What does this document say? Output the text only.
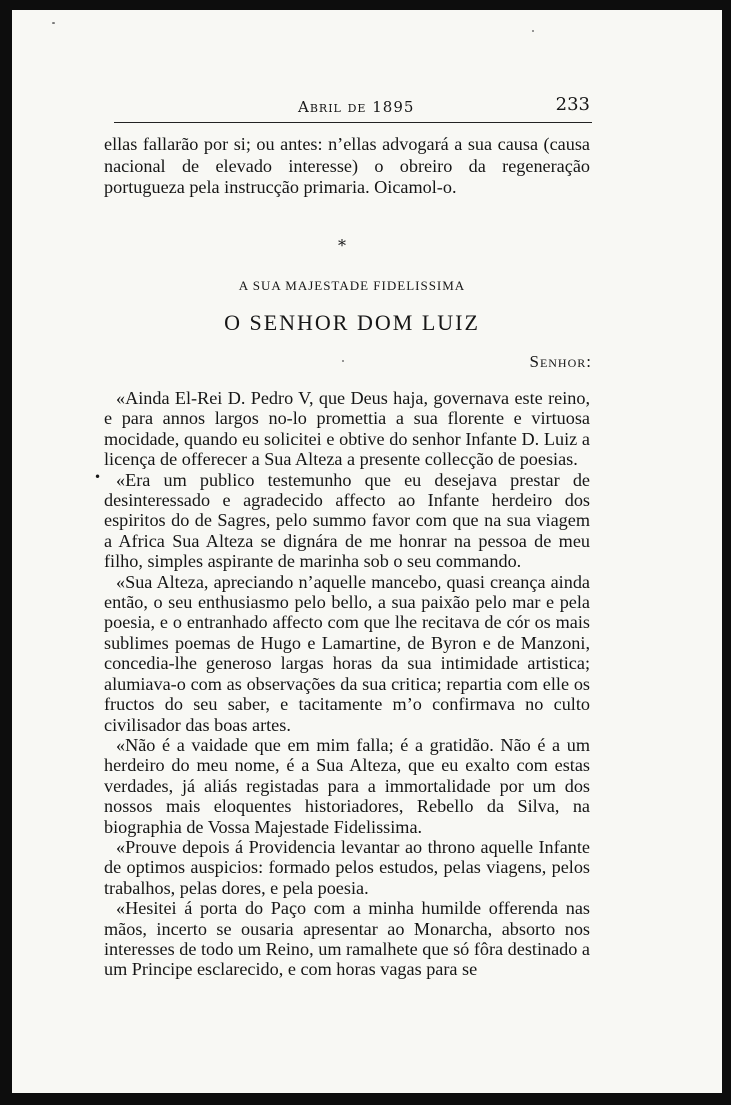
Abril de 1895	233

ellas fallarão por si; ou antes: n’ellas advogará a sua causa (causa nacional de elevado interesse) o obreiro da regeneração portugueza pela instrucção primaria. Oicamol-o.

*
A SUA MAJESTADE FIDELISSIMA
O SENHOR DOM LUIZ
Senhor:
•

«Ainda El-Rei D. Pedro V, que Deus haja, governava este reino, e para annos largos no-lo promettia a sua florente e virtuosa mocidade, quando eu solicitei e obtive do senhor Infante D. Luiz a licença de offerecer a Sua Alteza a presente collecção de poesias.

«Era um publico testemunho que eu desejava prestar de desinteressado e agradecido affecto ao Infante herdeiro dos espiritos do de Sagres, pelo summo favor com que na sua viagem a Africa Sua Alteza se dignára de me honrar na pessoa de meu filho, simples aspirante de marinha sob o seu commando.

«Sua Alteza, apreciando n’aquelle mancebo, quasi creança ainda então, o seu enthusiasmo pelo bello, a sua paixão pelo mar e pela poesia, e o entranhado affecto com que lhe recitava de cór os mais sublimes poemas de Hugo e Lamartine, de Byron e de Manzoni, concedia-lhe generoso largas horas da sua intimidade artistica; alumiava-o com as observações da sua critica; repartia com elle os fructos do seu saber, e tacitamente m’o confirmava no culto civilisador das boas artes.

«Não é a vaidade que em mim falla; é a gratidão. Não é a um herdeiro do meu nome, é a Sua Alteza, que eu exalto com estas verdades, já aliás registadas para a immortalidade por um dos nossos mais eloquentes historiadores, Rebello da Silva, na biographia de Vossa Majestade Fidelissima.

«Prouve depois á Providencia levantar ao throno aquelle Infante de optimos auspicios: formado pelos estudos, pelas viagens, pelos trabalhos, pelas dores, e pela poesia.

«Hesitei á porta do Paço com a minha humilde offerenda nas mãos, incerto se ousaria apresentar ao Monarcha, absorto nos interesses de todo um Reino, um ramalhete que só fôra destinado a um Principe esclarecido, e com horas vagas para se
